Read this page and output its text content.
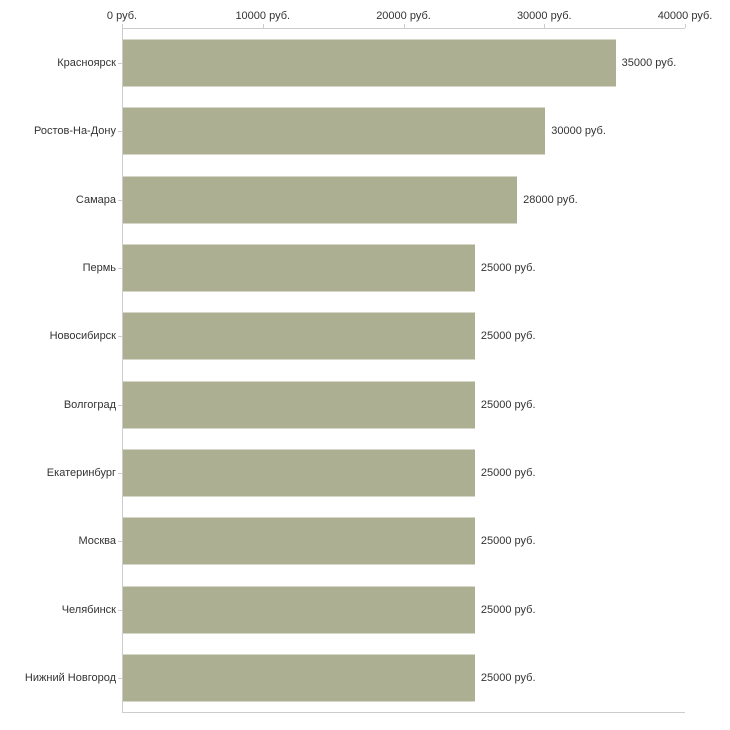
0 руб.	10000 руб.	20000 руб.	30000 руб.	40000 руб.
Красноярск	35000 руб.
Ростов-На-Дону	30000 руб.
Самара	28000 руб.
Пермь	25000 руб.
Новосибирск	25000 руб.
Волгоград	25000 руб.
Екатеринбург	25000 руб.
Москва	25000 руб.
Челябинск	25000 руб.
Нижний Новгород	25000 руб.
